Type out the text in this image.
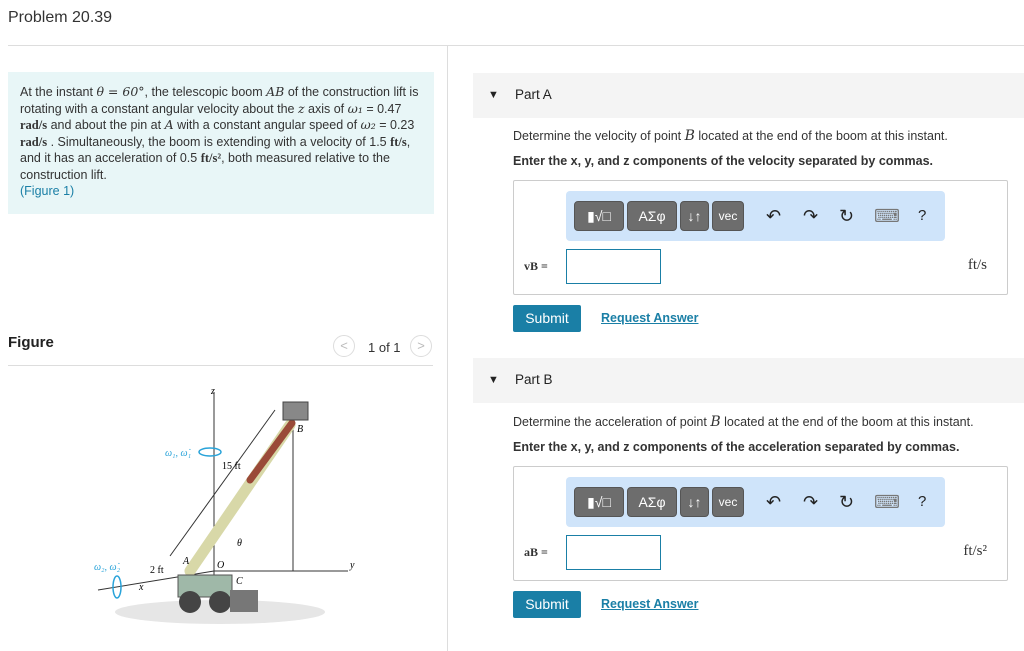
Problem 20.39
At the instant θ = 60°, the telescopic boom AB of the construction lift is rotating with a constant angular velocity about the z axis of ω₁ = 0.47 rad/s and about the pin at A with a constant angular speed of ω₂ = 0.23 rad/s . Simultaneously, the boom is extending with a velocity of 1.5 ft/s, and it has an acceleration of 0.5 ft/s², both measured relative to the construction lift.
(Figure 1)
Figure	<	1 of 1	>
z
B
ω₁, ω̇₁
15 ft
θ
A	O
C
ω₂, ω̇₂	2 ft
x
y
▼ Part A
Determine the velocity of point B located at the end of the boom at this instant.
Enter the x, y, and z components of the velocity separated by commas.
▮√□	ΑΣφ	↓↑	vec	↶ ↷ ↻ ⌨ ?
vB =	ft/s
Submit	Request Answer
▼ Part B
Determine the acceleration of point B located at the end of the boom at this instant.
Enter the x, y, and z components of the acceleration separated by commas.
▮√□	ΑΣφ	↓↑	vec	↶ ↷ ↻ ⌨ ?
aB =	ft/s²
Submit	Request Answer
